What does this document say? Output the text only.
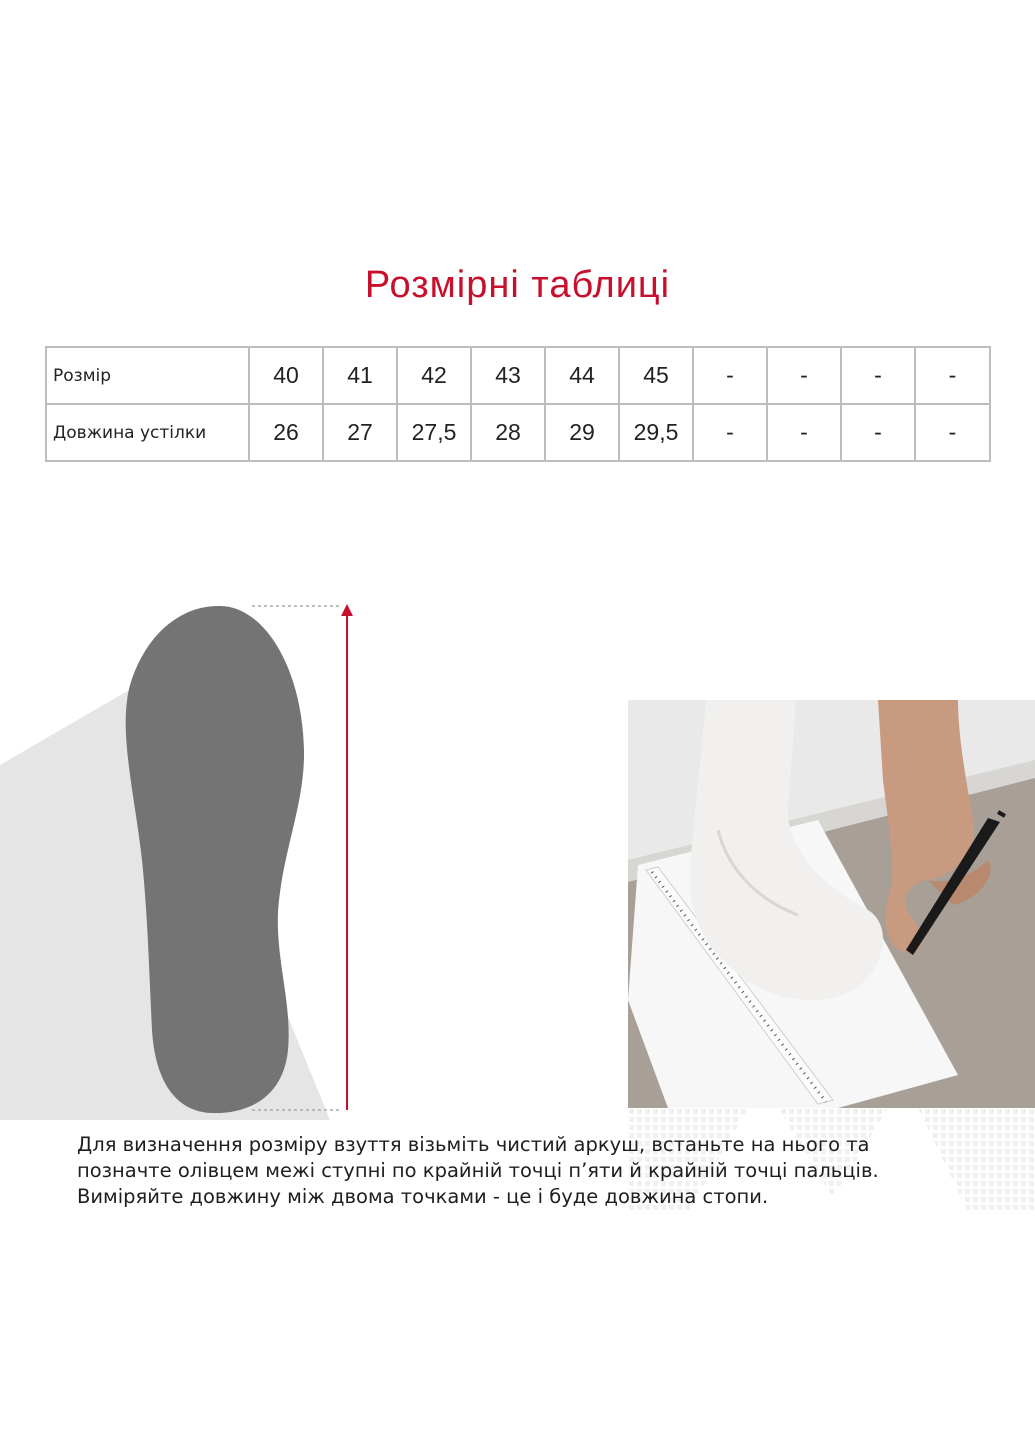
Розмірні таблиці
Розмір	40	41	42	43	44	45	-	-	-	-
Довжина устілки	26	27	27,5	28	29	29,5	-	-	-	-

Для визначення розміру взуття візьміть чистий аркуш, встаньте на нього та
позначте олівцем межі ступні по крайній точці п’яти й крайній точці пальців.
Виміряйте довжину між двома точками - це і буде довжина стопи.
